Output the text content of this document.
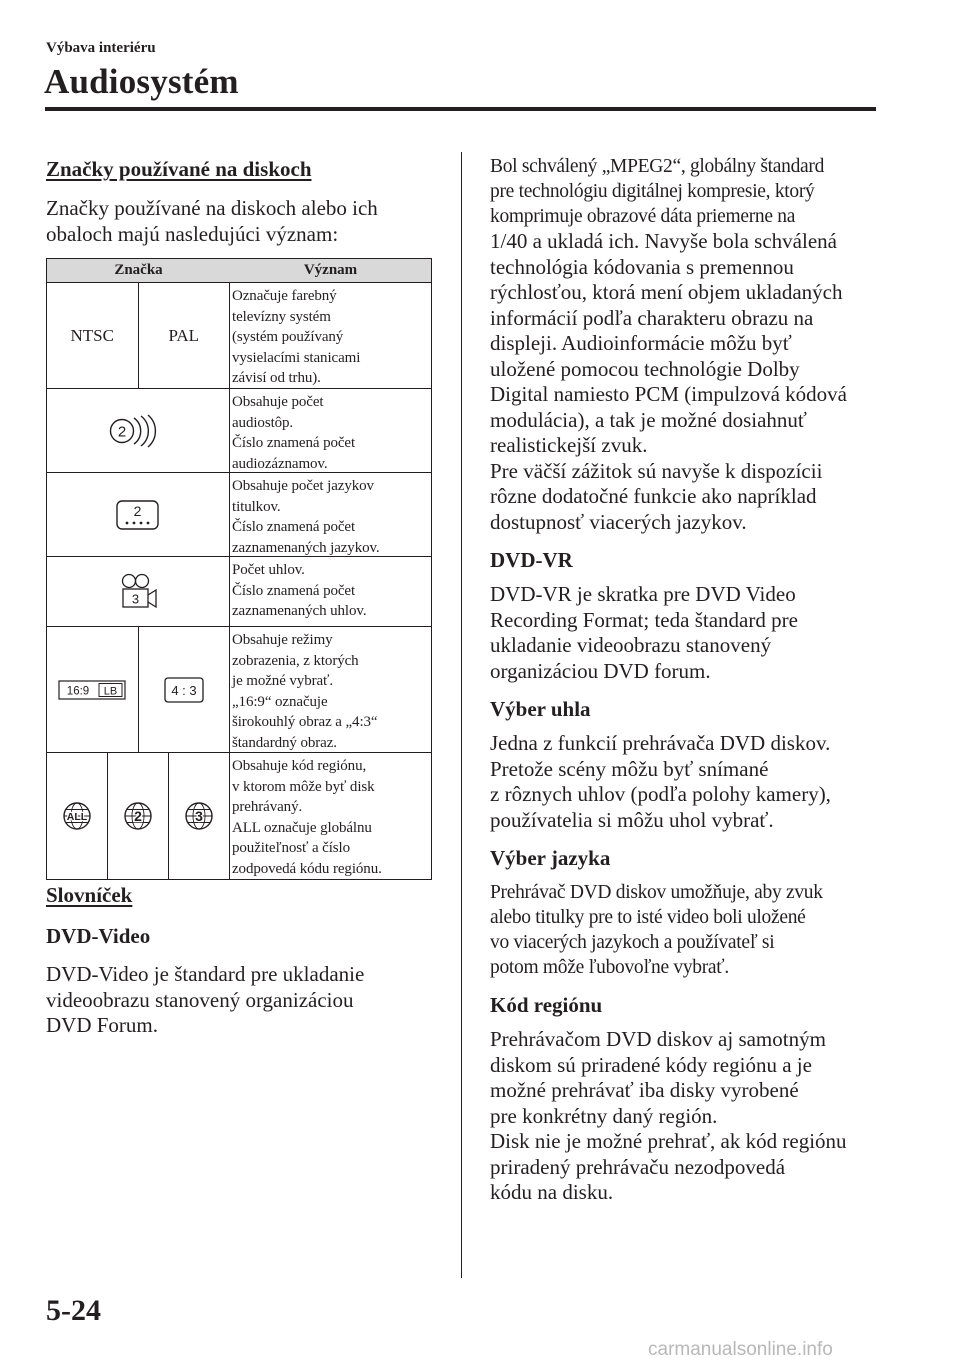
Výbava interiéru
Audiosystém
Značky používané na diskoch
Značky používané na diskoch alebo ich
obaloch majú nasledujúci význam:
Značka	Význam
NTSC	PAL
Označuje farebný
televízny systém
(systém používaný
vysielacími stanicami
závisí od trhu).
2
Obsahuje počet
audiostôp.
Číslo znamená počet
audiozáznamov.
2
Obsahuje počet jazykov
titulkov.
Číslo znamená počet
zaznamenaných jazykov.
3
Počet uhlov.
Číslo znamená počet
zaznamenaných uhlov.
16:9 LB	4 : 3
Obsahuje režimy
zobrazenia, z ktorých
je možné vybrať.
„16:9“ označuje
širokouhlý obraz a „4:3“
štandardný obraz.
ALL	2	3
Obsahuje kód regiónu,
v ktorom môže byť disk
prehrávaný.
ALL označuje globálnu
použiteľnosť a číslo
zodpovedá kódu regiónu.
Slovníček
DVD-Video
DVD-Video je štandard pre ukladanie
videoobrazu stanovený organizáciou
DVD Forum.
Bol schválený „MPEG2“, globálny štandard
pre technológiu digitálnej kompresie, ktorý
komprimuje obrazové dáta priemerne na
1/40 a ukladá ich. Navyše bola schválená
technológia kódovania s premennou
rýchlosťou, ktorá mení objem ukladaných
informácií podľa charakteru obrazu na
displeji. Audioinformácie môžu byť
uložené pomocou technológie Dolby
Digital namiesto PCM (impulzová kódová
modulácia), a tak je možné dosiahnuť
realistickejší zvuk.
Pre väčší zážitok sú navyše k dispozícii
rôzne dodatočné funkcie ako napríklad
dostupnosť viacerých jazykov.
DVD-VR
DVD-VR je skratka pre DVD Video
Recording Format; teda štandard pre
ukladanie videoobrazu stanovený
organizáciou DVD forum.
Výber uhla
Jedna z funkcií prehrávača DVD diskov.
Pretože scény môžu byť snímané
z rôznych uhlov (podľa polohy kamery),
používatelia si môžu uhol vybrať.
Výber jazyka
Prehrávač DVD diskov umožňuje, aby zvuk
alebo titulky pre to isté video boli uložené
vo viacerých jazykoch a používateľ si
potom môže ľubovoľne vybrať.
Kód regiónu
Prehrávačom DVD diskov aj samotným
diskom sú priradené kódy regiónu a je
možné prehrávať iba disky vyrobené
pre konkrétny daný región.
Disk nie je možné prehrať, ak kód regiónu
priradený prehrávaču nezodpovedá
kódu na disku.
5-24
carmanualsonline.info
